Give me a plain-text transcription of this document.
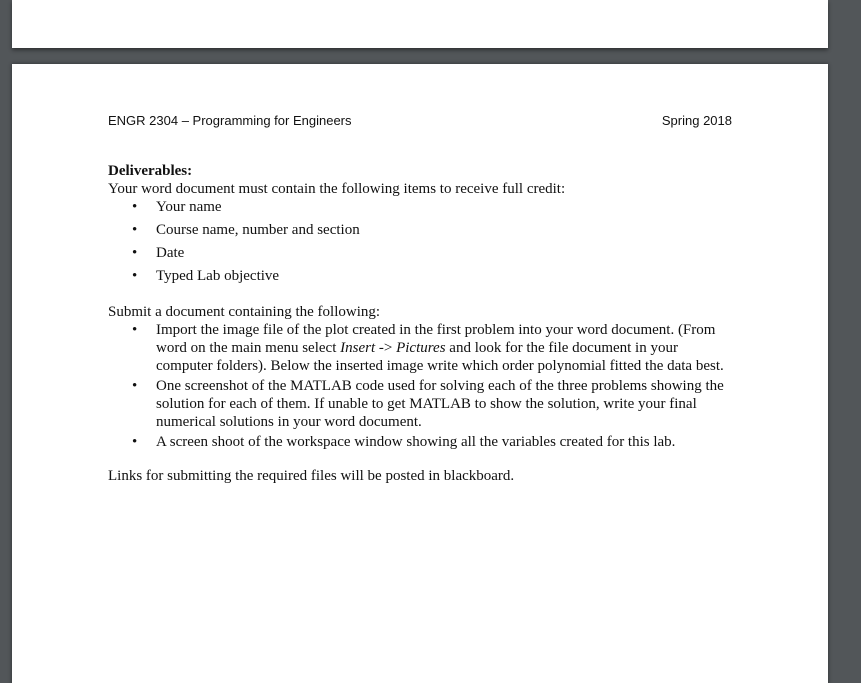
ENGR 2304 – Programming for Engineers	Spring 2018
Deliverables:
Your word document must contain the following items to receive full credit:
• Your name
• Course name, number and section
• Date
• Typed Lab objective
Submit a document containing the following:
• Import the image file of the plot created in the first problem into your word document. (From word on the main menu select Insert -> Pictures and look for the file document in your computer folders). Below the inserted image write which order polynomial fitted the data best.
• One screenshot of the MATLAB code used for solving each of the three problems showing the solution for each of them. If unable to get MATLAB to show the solution, write your final numerical solutions in your word document.
• A screen shoot of the workspace window showing all the variables created for this lab.
Links for submitting the required files will be posted in blackboard.
